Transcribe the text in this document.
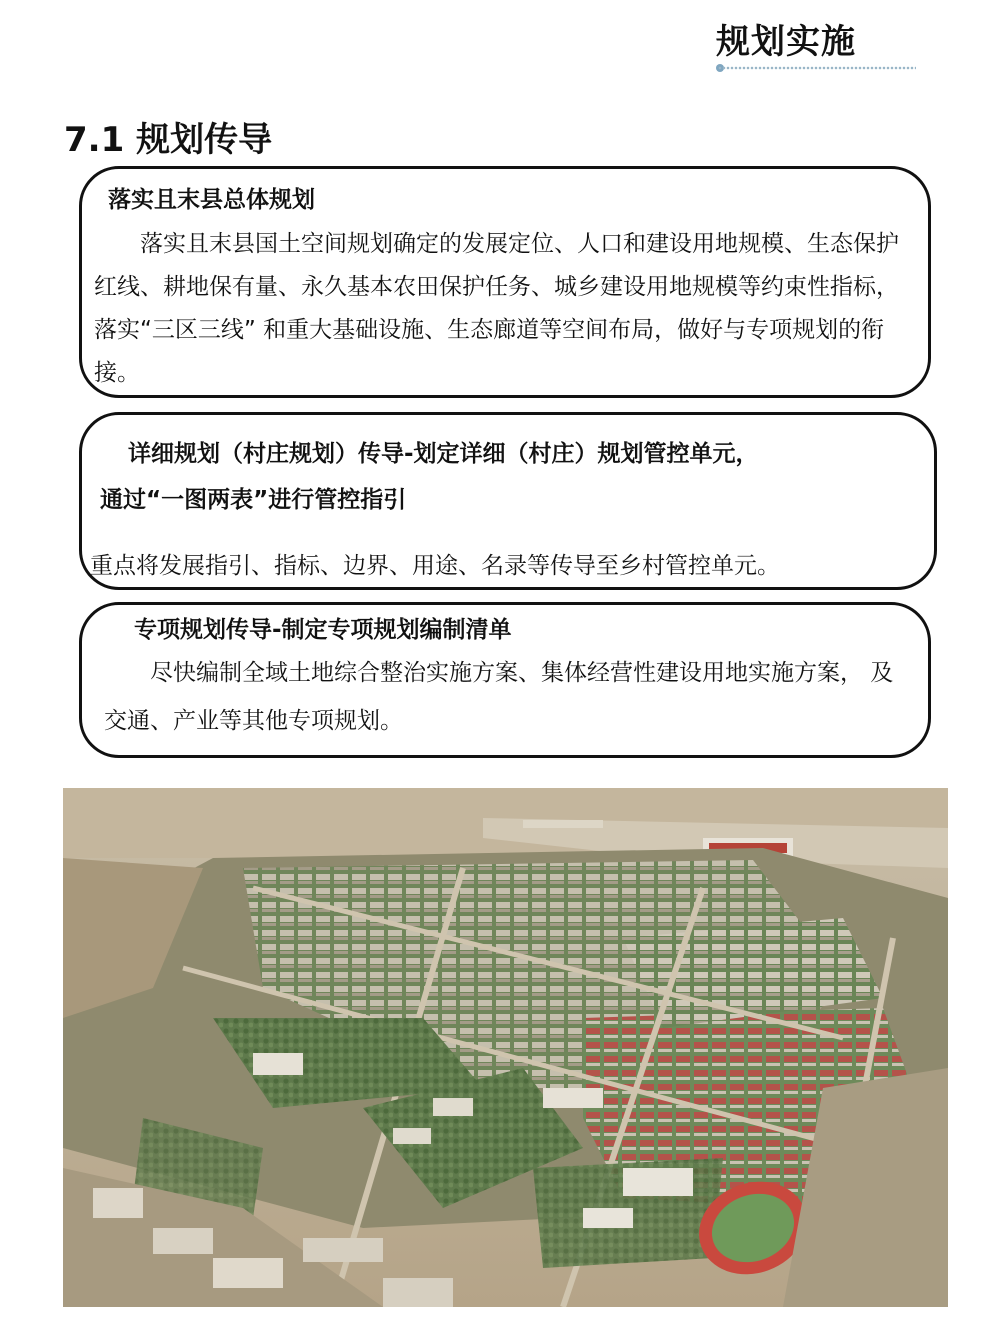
规划实施
7.1 规划传导
落实且末县总体规划
落实且末县国土空间规划确定的发展定位、人口和建设用地规模、生态保护红线、耕地保有量、永久基本农田保护任务、城乡建设用地规模等约束性指标，落实“三区三线” 和重大基础设施、生态廊道等空间布局，做好与专项规划的衔接。
详细规划（村庄规划）传导-划定详细（村庄）规划管控单元，
通过“一图两表”进行管控指引
重点将发展指引、指标、边界、用途、名录等传导至乡村管控单元。
专项规划传导-制定专项规划编制清单
尽快编制全域土地综合整治实施方案、集体经营性建设用地实施方案， 及交通、产业等其他专项规划。
